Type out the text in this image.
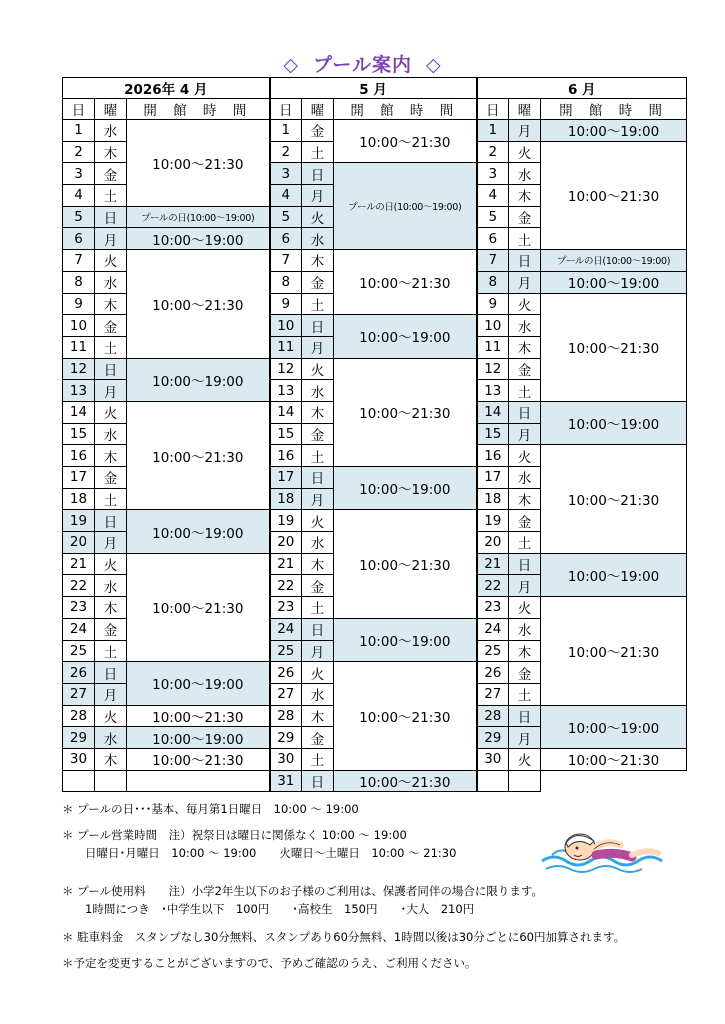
◇ プール案内 ◇
2026年 4 月			5 月			6 月		
日	曜	開 館 時 間	日	曜	開 館 時 間	日	曜	開 館 時 間
1	水	10:00～21:30	1	金	10:00～21:30	1	月	10:00～19:00
2	木		2	土		2	火	10:00～21:30
3	金		3	日	プールの日(10:00～19:00)	3	水	
4	土		4	月		4	木	
5	日	プールの日(10:00～19:00)	5	火		5	金	
6	月	10:00～19:00	6	水		6	土	
7	火	10:00～21:30	7	木	10:00～21:30	7	日	プールの日(10:00～19:00)
8	水		8	金		8	月	10:00～19:00
9	木		9	土		9	火	10:00～21:30
10	金		10	日	10:00～19:00	10	水	
11	土		11	月		11	木	
12	日	10:00～19:00	12	火	10:00～21:30	12	金	
13	月		13	水		13	土	
14	火	10:00～21:30	14	木		14	日	10:00～19:00
15	水		15	金		15	月	
16	木		16	土		16	火	10:00～21:30
17	金		17	日	10:00～19:00	17	水	
18	土		18	月		18	木	
19	日	10:00～19:00	19	火	10:00～21:30	19	金	
20	月		20	水		20	土	
21	火	10:00～21:30	21	木		21	日	10:00～19:00
22	水		22	金		22	月	
23	木		23	土		23	火	10:00～21:30
24	金		24	日	10:00～19:00	24	水	
25	土		25	月		25	木	
26	日	10:00～19:00	26	火	10:00～21:30	26	金	
27	月		27	水		27	土	
28	火	10:00～21:30	28	木		28	日	10:00～19:00
29	水	10:00～19:00	29	金		29	月	
30	木	10:00～21:30	30	土		30	火	10:00～21:30
			31	日	10:00～21:30			
＊ プールの日･･･基本、毎月第1日曜日　10:00 ～ 19:00
＊ プール営業時間　注）祝祭日は曜日に関係なく 10:00 ～ 19:00
　　日曜日･月曜日　10:00 ～ 19:00　　火曜日～土曜日　10:00 ～ 21:30
＊ プール使用料　　注）小学2年生以下のお子様のご利用は、保護者同伴の場合に限ります。
　　1時間につき　･中学生以下　100円　　･高校生　150円　　･大人　210円
＊ 駐車料金　スタンプなし30分無料、スタンプあり60分無料、1時間以後は30分ごとに60円加算されます。
＊予定を変更することがございますので、予めご確認のうえ、ご利用ください。
